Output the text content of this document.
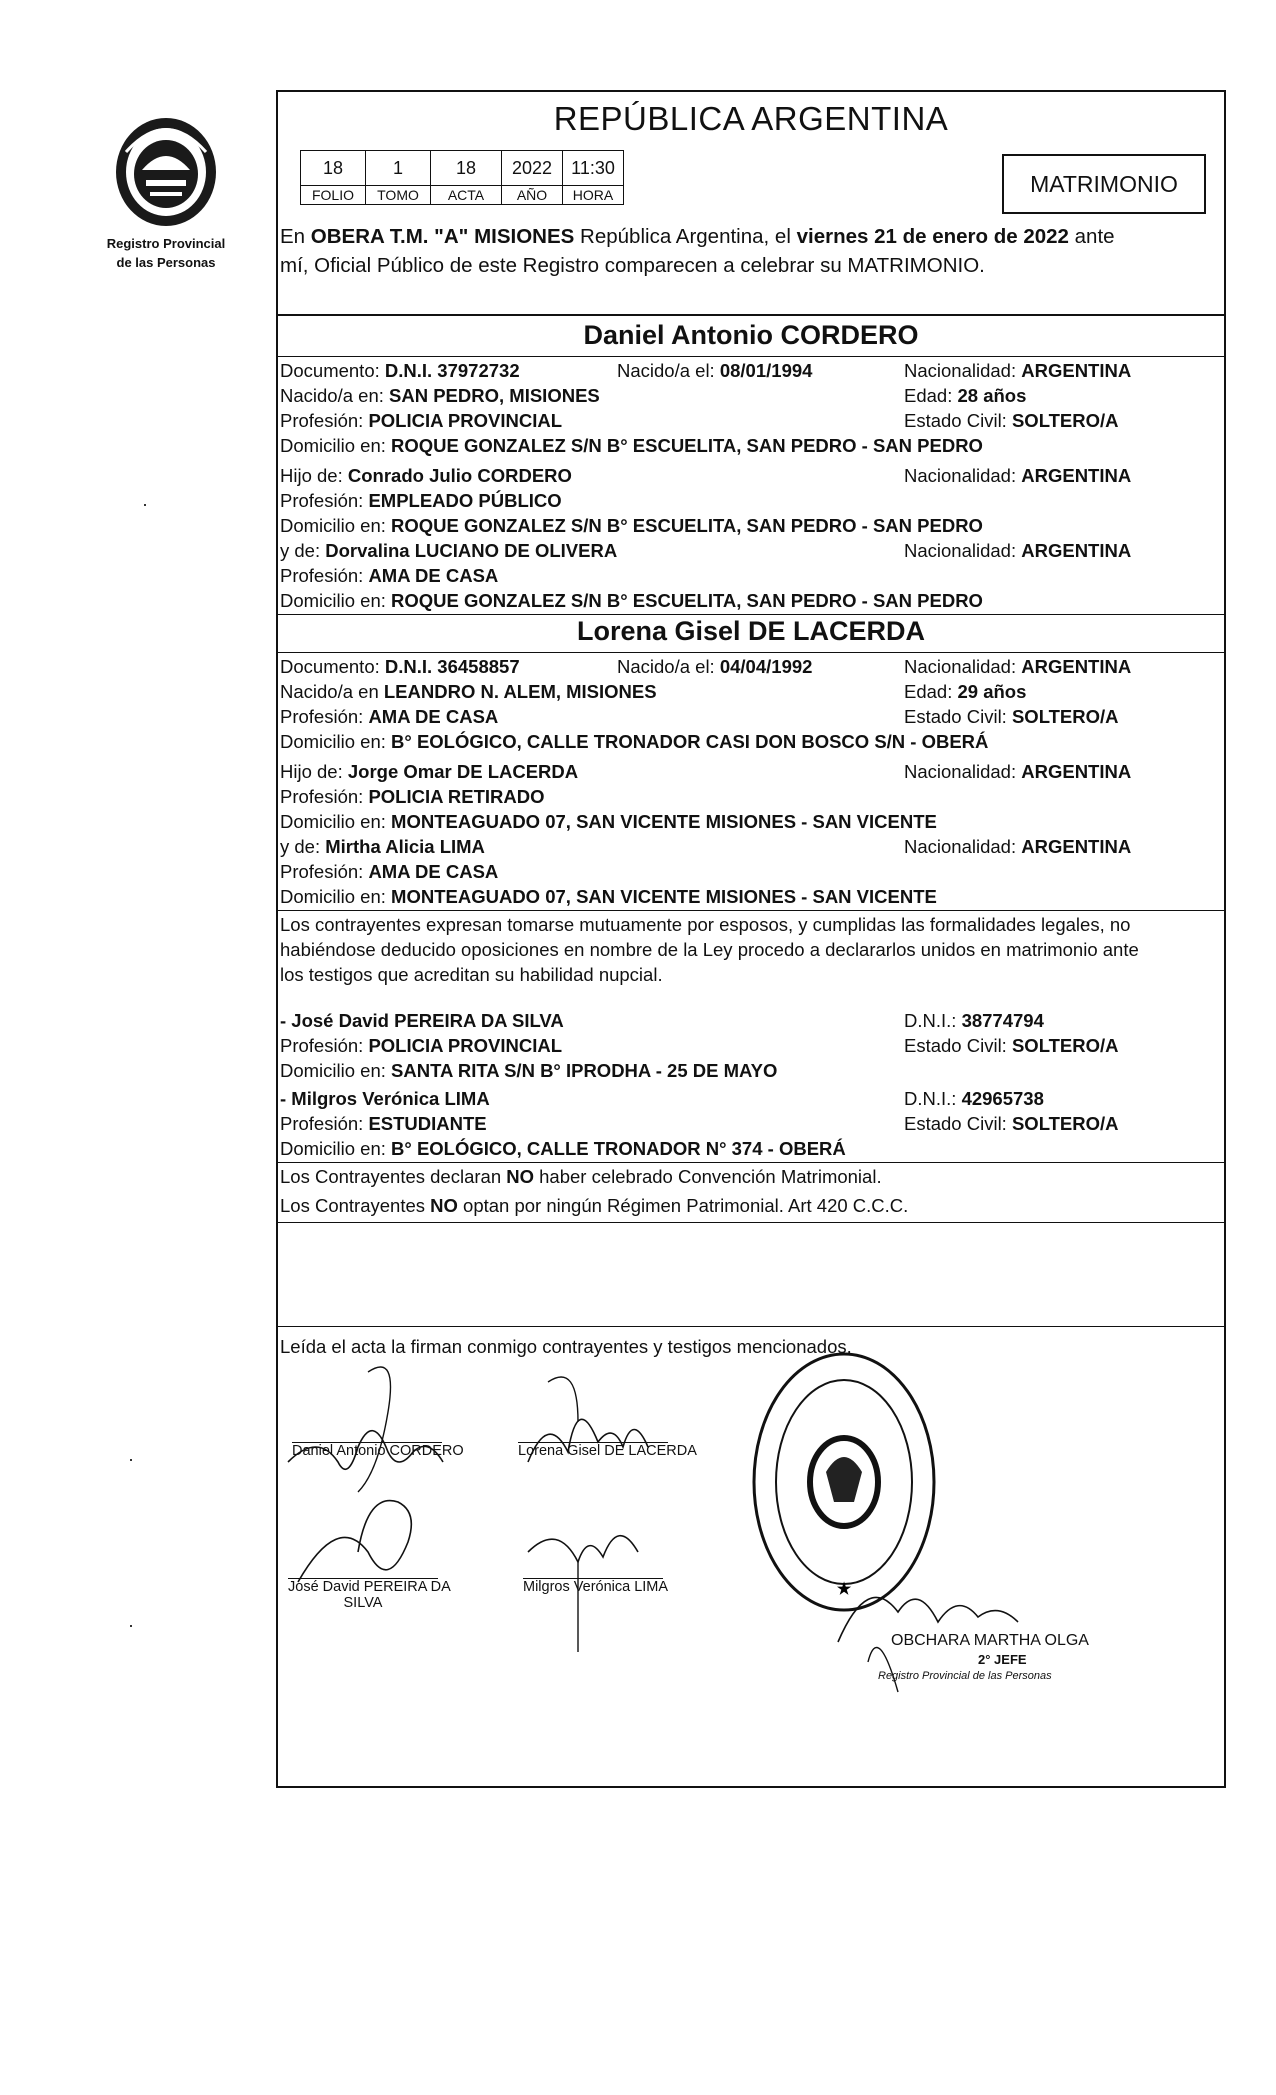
Registro Provincial
de las Personas
REPÚBLICA ARGENTINA
18	1	18	2022	11:30
FOLIO	TOMO	ACTA	AÑO	HORA	MATRIMONIO
En OBERA T.M. "A" MISIONES República Argentina, el viernes 21 de enero de 2022 ante
mí, Oficial Público de este Registro comparecen a celebrar su MATRIMONIO.
Daniel Antonio CORDERO
Documento: D.N.I. 37972732	Nacido/a el: 08/01/1994	Nacionalidad: ARGENTINA
Nacido/a en: SAN PEDRO, MISIONES	Edad: 28 años
Profesión: POLICIA PROVINCIAL	Estado Civil: SOLTERO/A
Domicilio en: ROQUE GONZALEZ S/N B° ESCUELITA, SAN PEDRO - SAN PEDRO
Hijo de: Conrado Julio CORDERO	Nacionalidad: ARGENTINA
Profesión: EMPLEADO PÚBLICO
Domicilio en: ROQUE GONZALEZ S/N B° ESCUELITA, SAN PEDRO - SAN PEDRO
y de: Dorvalina LUCIANO DE OLIVERA	Nacionalidad: ARGENTINA
Profesión: AMA DE CASA
Domicilio en: ROQUE GONZALEZ S/N B° ESCUELITA, SAN PEDRO - SAN PEDRO
Lorena Gisel DE LACERDA
Documento: D.N.I. 36458857	Nacido/a el: 04/04/1992	Nacionalidad: ARGENTINA
Nacido/a en LEANDRO N. ALEM, MISIONES	Edad: 29 años
Profesión: AMA DE CASA	Estado Civil: SOLTERO/A
Domicilio en: B° EOLÓGICO, CALLE TRONADOR CASI DON BOSCO S/N - OBERÁ
Hijo de: Jorge Omar DE LACERDA	Nacionalidad: ARGENTINA
Profesión: POLICIA RETIRADO
Domicilio en: MONTEAGUADO 07, SAN VICENTE MISIONES - SAN VICENTE
y de: Mirtha Alicia LIMA	Nacionalidad: ARGENTINA
Profesión: AMA DE CASA
Domicilio en: MONTEAGUADO 07, SAN VICENTE MISIONES - SAN VICENTE
Los contrayentes expresan tomarse mutuamente por esposos, y cumplidas las formalidades legales, no
habiéndose deducido oposiciones en nombre de la Ley procedo a declararlos unidos en matrimonio ante
los testigos que acreditan su habilidad nupcial.
- José David PEREIRA DA SILVA	D.N.I.: 38774794
Profesión: POLICIA PROVINCIAL	Estado Civil: SOLTERO/A
Domicilio en: SANTA RITA S/N B° IPRODHA - 25 DE MAYO
- Milgros Verónica LIMA	D.N.I.: 42965738
Profesión: ESTUDIANTE	Estado Civil: SOLTERO/A
Domicilio en: B° EOLÓGICO, CALLE TRONADOR N° 374 - OBERÁ
Los Contrayentes declaran NO haber celebrado Convención Matrimonial.
Los Contrayentes NO optan por ningún Régimen Patrimonial. Art 420 C.C.C.
Leída el acta la firman conmigo contrayentes y testigos mencionados.
Daniel Antonio CORDERO	Lorena Gisel DE LACERDA
José David PEREIRA DA
SILVA
Milgros Verónica LIMA	★
OBCHARA MARTHA OLGA
2° JEFE
Registro Provincial de las Personas
